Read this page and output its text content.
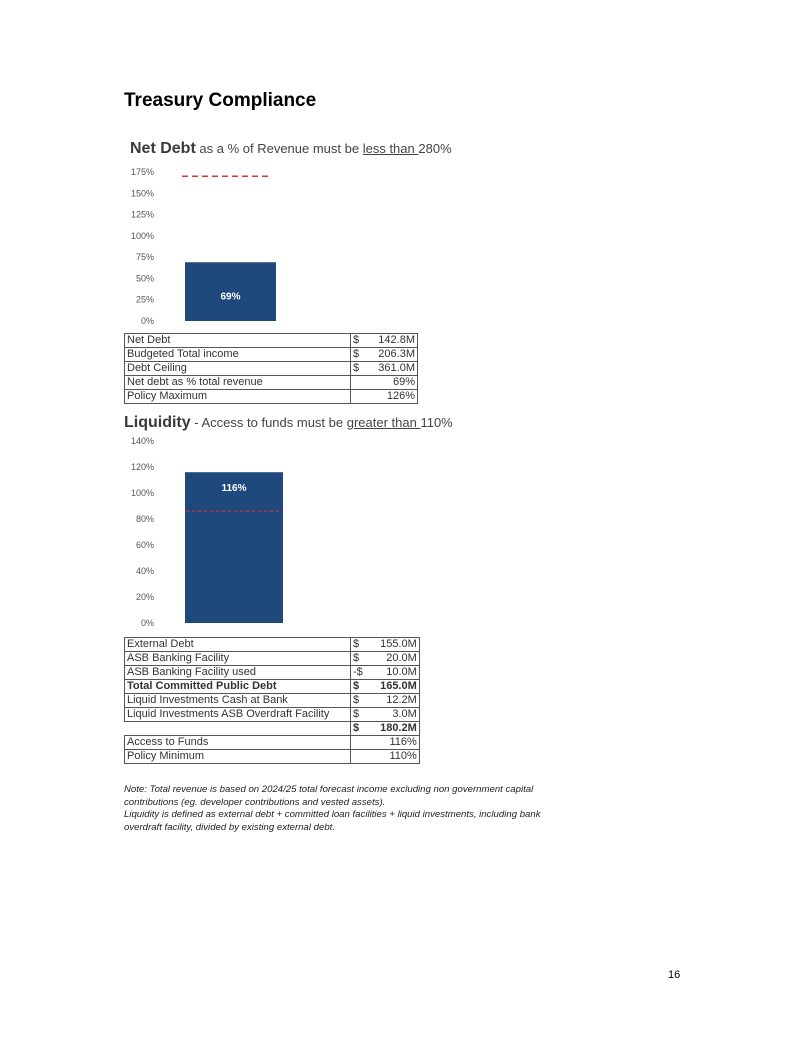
Treasury Compliance
Net Debt as a % of Revenue must be less than 280%
0%
25%
50%
75%
100%
125%
150%
175%
69%
Net Debt	$	142.8M
Budgeted Total income	$	206.3M
Debt Ceiling	$	361.0M
Net debt as % total revenue	69%	
Policy Maximum	126%	
Liquidity - Access to funds must be greater than 110%
0%
20%
40%
60%
80%
100%
120%
140%
116%
External Debt	$	155.0M
ASB Banking Facility	$	20.0M
ASB Banking Facility used	-$	10.0M
Total Committed Public Debt	$	165.0M
Liquid Investments Cash at Bank	$	12.2M
Liquid Investments ASB Overdraft Facility	$	3.0M
	$	180.2M
Access to Funds	116%	
Policy Minimum	110%	
Note: Total revenue is based on 2024/25 total forecast income excluding non government capital contributions (eg. developer contributions and vested assets).
Liquidity is defined as external debt + committed loan facilities + liquid investments, including bank overdraft facility, divided by existing external debt.
16
